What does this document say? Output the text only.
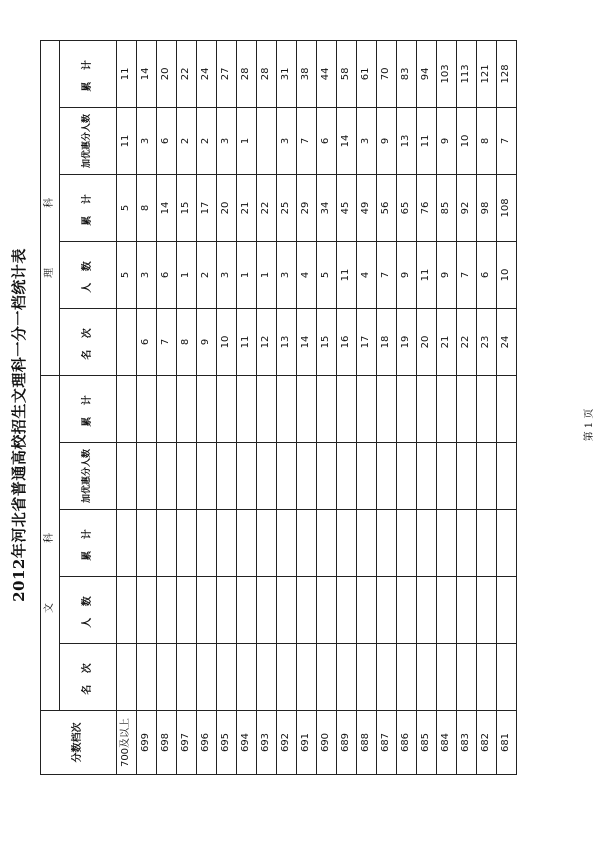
2012年河北省普通高校招生文理科一分一档统计表
分数档次	文科					理科				
	名 次	人 数	累 计	加优惠分人数	累 计	名 次	人 数	累 计	加优惠分人数	累 计
700及以上							5	5	11	11
699						6	3	8	3	14
698						7	6	14	6	20
697						8	1	15	2	22
696						9	2	17	2	24
695						10	3	20	3	27
694						11	1	21	1	28
693						12	1	22		28
692						13	3	25	3	31
691						14	4	29	7	38
690						15	5	34	6	44
689						16	11	45	14	58
688						17	4	49	3	61
687						18	7	56	9	70
686						19	9	65	13	83
685						20	11	76	11	94
684						21	9	85	9	103
683						22	7	92	10	113
682						23	6	98	8	121
681						24	10	108	7	128
第 1 页
